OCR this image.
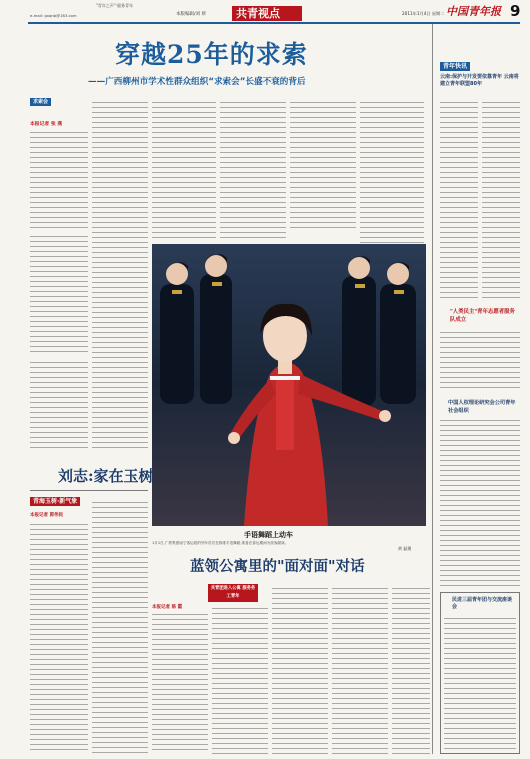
"青年之声"·服务青年
e-mail: gxqnb@163.com	本版编辑/刘 妍	共青视点	2011年1月4日 星期二 中国青年报 9
穿越25年的求索
——广西柳州市学术性群众组织“求索会”长盛不衰的背后
求索会
本报记者 张 燕
手语舞蹈上动车
1月1日,广铁集团南宁客运段的列车员们在排练手语舞蹈,准备在春运期间为旅客献演。
黄 磊摄
刘志:家在玉树
青海玉树·新气象
本报记者 郭伟民
蓝领公寓里的"面对面"对话
共青团进入公寓 服务务工青年
本报记者 陈 霞
青年快讯
云南:保护与开发要依靠青年 云南将建立青年联盟80年
"人类民主"青年志愿者服务队成立
中国人权理论研究会公司青年社会组织
民进三届青年团与交流座谈会
